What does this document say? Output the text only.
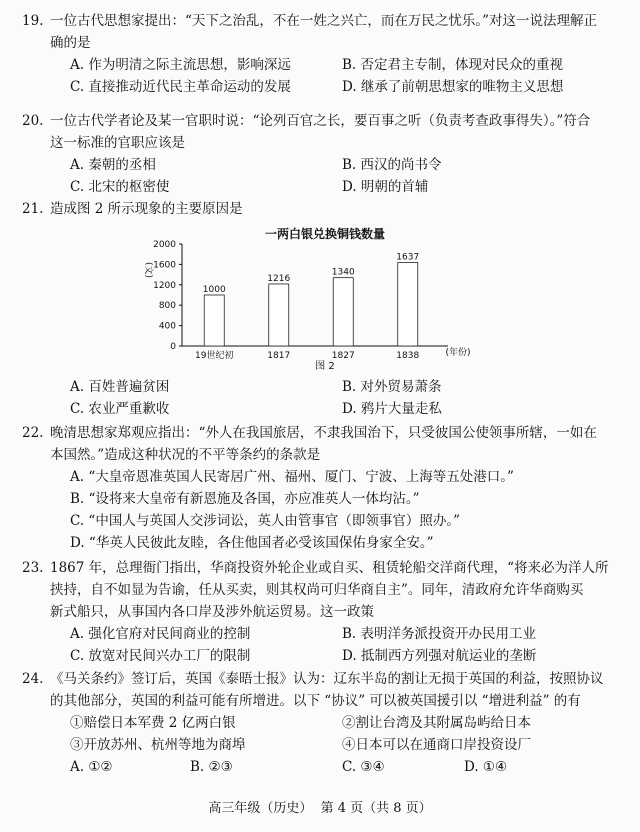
19. 一位古代思想家提出：“天下之治乱，不在一姓之兴亡，而在万民之忧乐。”对这一说法理解正
确的是
A. 作为明清之际主流思想，影响深远	B. 否定君主专制，体现对民众的重视
C. 直接推动近代民主革命运动的发展	D. 继承了前朝思想家的唯物主义思想
20. 一位古代学者论及某一官职时说：“论列百官之长，要百事之听（负责考查政事得失）。”符合
这一标准的官职应该是
A. 秦朝的丞相	B. 西汉的尚书令
C. 北宋的枢密使	D. 明朝的首辅
21. 造成图 2 所示现象的主要原因是
一两白银兑换铜钱数量
(文)
0
400
800
1200
1600
2000
1000
1216
1340
1637
19世纪初	1817	1827	1838	(年份)
图 2
A. 百姓普遍贫困	B. 对外贸易萧条
C. 农业严重歉收	D. 鸦片大量走私
22. 晚清思想家郑观应指出：“外人在我国旅居，不隶我国治下，只受彼国公使领事所辖，一如在
本国然。”造成这种状况的不平等条约的条款是
A. “大皇帝恩准英国人民寄居广州、福州、厦门、宁波、上海等五处港口。”
B. “设将来大皇帝有新恩施及各国，亦应准英人一体均沾。”
C. “中国人与英国人交涉词讼，英人由管事官（即领事官）照办。”
D. “华英人民彼此友睦，各住他国者必受该国保佑身家全安。”
23. 1867 年，总理衙门指出，华商投资外轮企业或自买、租赁轮船交洋商代理，“将来必为洋人所
挟持，自不如显为告谕，任从买卖，则其权尚可归华商自主”。同年，清政府允许华商购买
新式船只，从事国内各口岸及涉外航运贸易。这一政策
A. 强化官府对民间商业的控制	B. 表明洋务派投资开办民用工业
C. 放宽对民间兴办工厂的限制	D. 抵制西方列强对航运业的垄断
24. 《马关条约》签订后，英国《泰晤士报》认为：辽东半岛的割让无损于英国的利益，按照协议
的其他部分，英国的利益可能有所增进。以下 “协议” 可以被英国援引以 “增进利益” 的有
①赔偿日本军费 2 亿两白银	②割让台湾及其附属岛屿给日本
③开放苏州、杭州等地为商埠	④日本可以在通商口岸投资设厂
A. ①②	B. ②③	C. ③④	D. ①④
高三年级（历史）  第 4 页（共 8 页）
